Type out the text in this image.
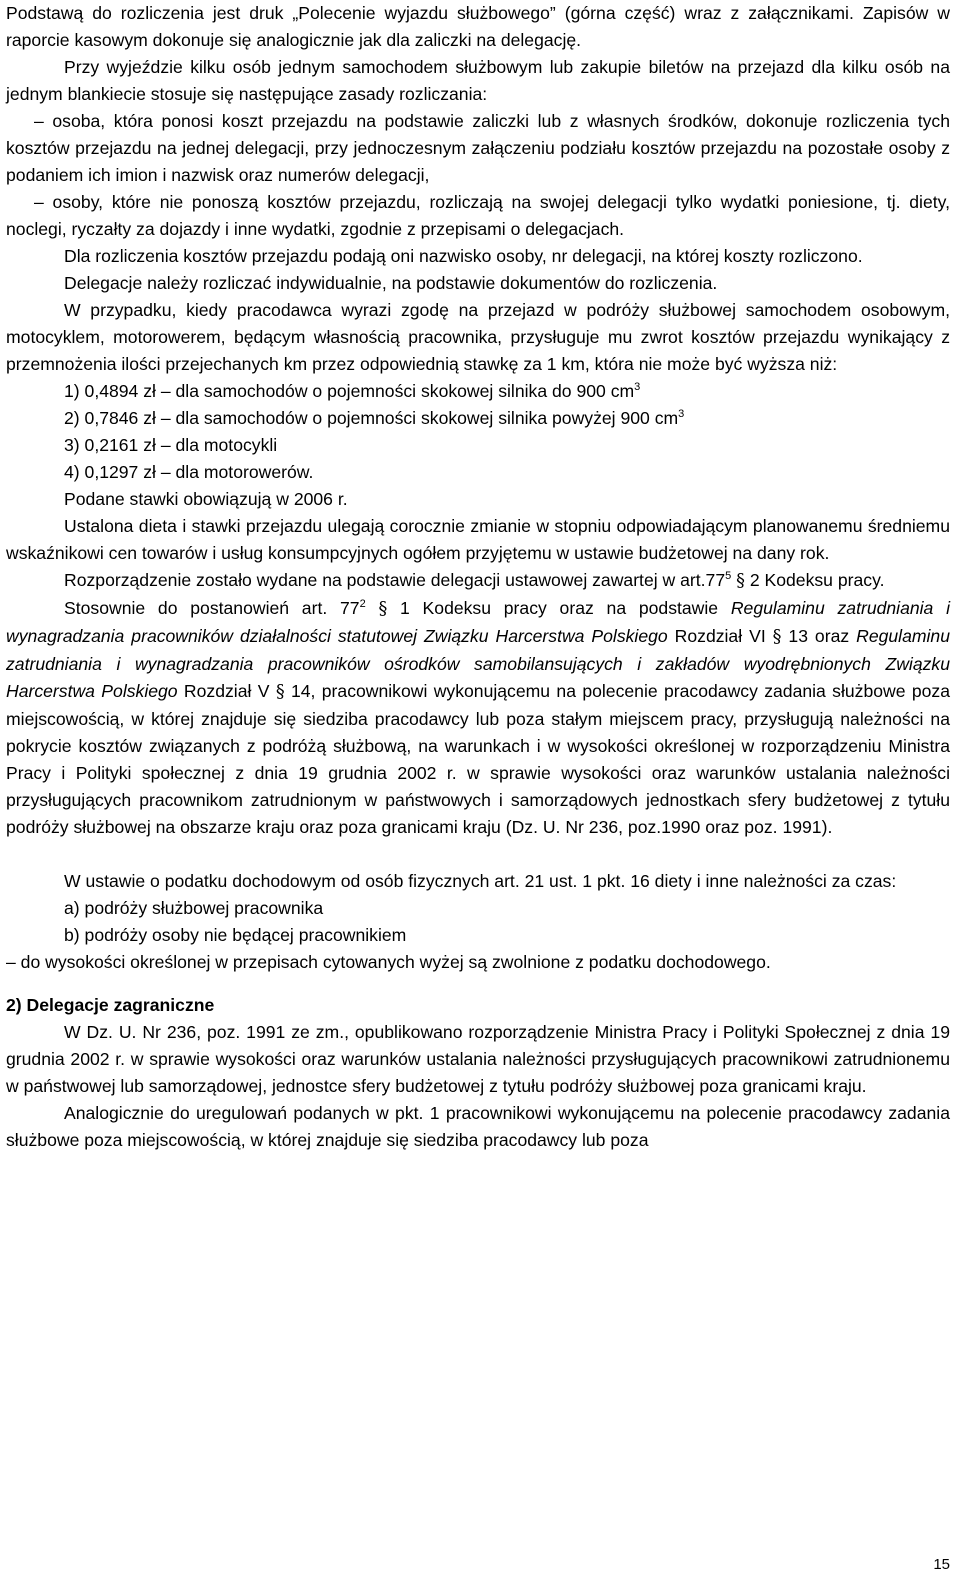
Podstawą do rozliczenia jest druk „Polecenie wyjazdu służbowego” (górna część) wraz z załącznikami. Zapisów w raporcie kasowym dokonuje się analogicznie jak dla zaliczki na delegację.

Przy wyjeździe kilku osób jednym samochodem służbowym lub zakupie biletów na przejazd dla kilku osób na jednym blankiecie stosuje się następujące zasady rozliczania:

– osoba, która ponosi koszt przejazdu na podstawie zaliczki lub z własnych środków, dokonuje rozliczenia tych kosztów przejazdu na jednej delegacji, przy jednoczesnym załączeniu podziału kosztów przejazdu na pozostałe osoby z podaniem ich imion i nazwisk oraz numerów delegacji,

– osoby, które nie ponoszą kosztów przejazdu, rozliczają na swojej delegacji tylko wydatki poniesione, tj. diety, noclegi, ryczałty za dojazdy i inne wydatki, zgodnie z przepisami o delegacjach.

Dla rozliczenia kosztów przejazdu podają oni nazwisko osoby, nr delegacji, na której koszty rozliczono.

Delegacje należy rozliczać indywidualnie, na podstawie dokumentów do rozliczenia.

W przypadku, kiedy pracodawca wyrazi zgodę na przejazd w podróży służbowej samochodem osobowym, motocyklem, motorowerem, będącym własnością pracownika, przysługuje mu zwrot kosztów przejazdu wynikający z przemnożenia ilości przejechanych km przez odpowiednią stawkę za 1 km, która nie może być wyższa niż:

1) 0,4894 zł – dla samochodów o pojemności skokowej silnika do 900 $cm^3$

2) 0,7846 zł – dla samochodów o pojemności skokowej silnika powyżej 900 $cm^3$

3) 0,2161 zł – dla motocykli

4) 0,1297 zł – dla motorowerów.

Podane stawki obowiązują w 2006 r.

Ustalona dieta i stawki przejazdu ulegają corocznie zmianie w stopniu odpowiadającym planowanemu średniemu wskaźnikowi cen towarów i usług konsumpcyjnych ogółem przyjętemu w ustawie budżetowej na dany rok.

Rozporządzenie zostało wydane na podstawie delegacji ustawowej zawartej w $art.77^5$ § 2 Kodeksu pracy.

Stosownie do postanowień art. $77^2$ § 1 Kodeksu pracy oraz na podstawie Regulaminu zatrudniania i wynagradzania pracowników działalności statutowej Związku Harcerstwa Polskiego Rozdział VI § 13 oraz Regulaminu zatrudniania i wynagradzania pracowników ośrodków samobilansujących i zakładów wyodrębnionych Związku Harcerstwa Polskiego Rozdział V § 14, pracownikowi wykonującemu na polecenie pracodawcy zadania służbowe poza miejscowością, w której znajduje się siedziba pracodawcy lub poza stałym miejscem pracy, przysługują należności na pokrycie kosztów związanych z podróżą służbową, na warunkach i w wysokości określonej w rozporządzeniu Ministra Pracy i Polityki społecznej z dnia 19 grudnia 2002 r. w sprawie wysokości oraz warunków ustalania należności przysługujących pracownikom zatrudnionym w państwowych i samorządowych jednostkach sfery budżetowej z tytułu podróży służbowej na obszarze kraju oraz poza granicami kraju (Dz. U. Nr 236, poz.1990 oraz poz. 1991).

W ustawie o podatku dochodowym od osób fizycznych art. 21 ust. 1 pkt. 16 diety i inne należności za czas:

a) podróży służbowej pracownika

b) podróży osoby nie będącej pracownikiem

– do wysokości określonej w przepisach cytowanych wyżej są zwolnione z podatku dochodowego.

2) Delegacje zagraniczne

W Dz. U. Nr 236, poz. 1991 ze zm., opublikowano rozporządzenie Ministra Pracy i Polityki Społecznej z dnia 19 grudnia 2002 r. w sprawie wysokości oraz warunków ustalania należności przysługujących pracownikowi zatrudnionemu w państwowej lub samorządowej, jednostce sfery budżetowej z tytułu podróży służbowej poza granicami kraju.

Analogicznie do uregulowań podanych w pkt. 1 pracownikowi wykonującemu na polecenie pracodawcy zadania służbowe poza miejscowością, w której znajduje się siedziba pracodawcy lub poza

15
